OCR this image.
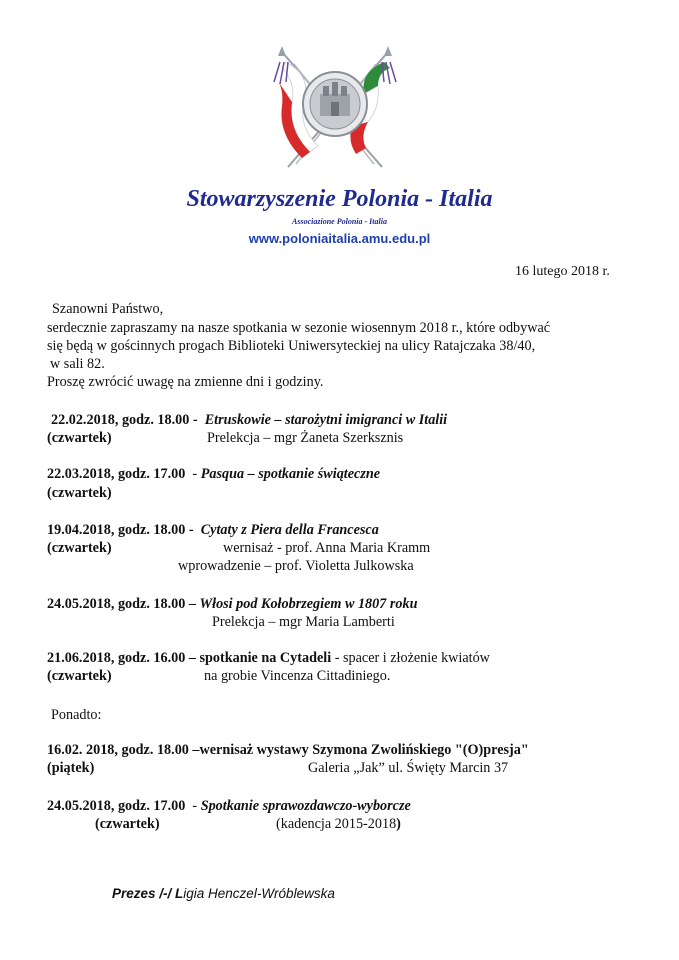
Stowarzyszenie Polonia - Italia
Associazione Polonia - Italia
www.poloniaitalia.amu.edu.pl
16 lutego 2018 r.
Szanowni Państwo,
serdecznie zapraszamy na nasze spotkania w sezonie wiosennym 2018 r., które odbywać
się będą w gościnnych progach Biblioteki Uniwersyteckiej na ulicy Ratajczaka 38/40,
w sali 82.
Proszę zwrócić uwagę na zmienne dni i godziny.
22.02.2018, godz. 18.00 - Etruskowie – starożytni imigranci w Italii
(czwartek)	Prelekcja – mgr Żaneta Szerksznis
22.03.2018, godz. 17.00 - Pasqua – spotkanie świąteczne
(czwartek)
19.04.2018, godz. 18.00 - Cytaty z Piera della Francesca
(czwartek)	wernisaż - prof. Anna Maria Kramm
wprowadzenie – prof. Violetta Julkowska
24.05.2018, godz. 18.00 – Włosi pod Kołobrzegiem w 1807 roku
Prelekcja – mgr Maria Lamberti
21.06.2018, godz. 16.00 – spotkanie na Cytadeli - spacer i złożenie kwiatów
(czwartek)	na grobie Vincenza Cittadiniego.
Ponadto:
16.02. 2018, godz. 18.00 –wernisaż wystawy Szymona Zwolińskiego "(O)presja"
(piątek)	Galeria „Jak” ul. Święty Marcin 37
24.05.2018, godz. 17.00 - Spotkanie sprawozdawczo-wyborcze
(czwartek)	(kadencja 2015-2018)
Prezes /-/ Ligia Henczel-Wróblewska
